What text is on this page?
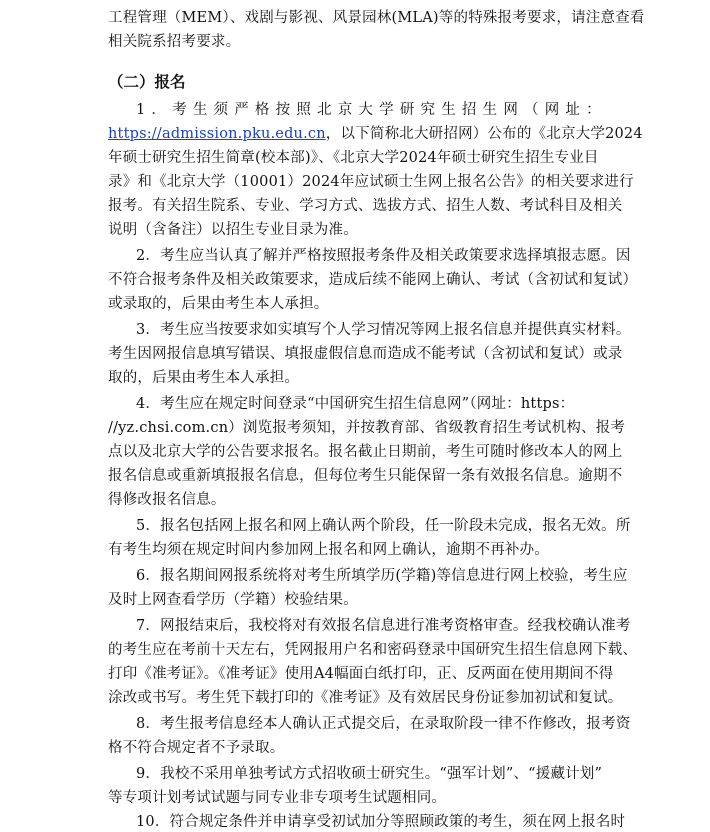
工程管理（MEM）、戏剧与影视、风景园林(MLA)等的特殊报考要求，请注意查看
相关院系招考要求。
（二）报名
1．考生须严格按照北京大学研究生招生网（网址：
https://admission.pku.edu.cn，以下简称北大研招网）公布的《北京大学2024
年硕士研究生招生简章(校本部)》、《北京大学2024年硕士研究生招生专业目
录》和《北京大学（10001）2024年应试硕士生网上报名公告》的相关要求进行
报考。有关招生院系、专业、学习方式、选拔方式、招生人数、考试科目及相关
说明（含备注）以招生专业目录为准。
2．考生应当认真了解并严格按照报考条件及相关政策要求选择填报志愿。因
不符合报考条件及相关政策要求，造成后续不能网上确认、考试（含初试和复试）
或录取的，后果由考生本人承担。
3．考生应当按要求如实填写个人学习情况等网上报名信息并提供真实材料。
考生因网报信息填写错误、填报虚假信息而造成不能考试（含初试和复试）或录
取的，后果由考生本人承担。
4．考生应在规定时间登录“中国研究生招生信息网”（网址：https：
//yz.chsi.com.cn）浏览报考须知，并按教育部、省级教育招生考试机构、报考
点以及北京大学的公告要求报名。报名截止日期前，考生可随时修改本人的网上
报名信息或重新填报报名信息，但每位考生只能保留一条有效报名信息。逾期不
得修改报名信息。
5．报名包括网上报名和网上确认两个阶段，任一阶段未完成，报名无效。所
有考生均须在规定时间内参加网上报名和网上确认，逾期不再补办。
6．报名期间网报系统将对考生所填学历(学籍)等信息进行网上校验，考生应
及时上网查看学历（学籍）校验结果。
7．网报结束后，我校将对有效报名信息进行准考资格审查。经我校确认准考
的考生应在考前十天左右，凭网报用户名和密码登录中国研究生招生信息网下载、
打印《准考证》。《准考证》使用A4幅面白纸打印，正、反两面在使用期间不得
涂改或书写。考生凭下载打印的《准考证》及有效居民身份证参加初试和复试。
8．考生报考信息经本人确认正式提交后，在录取阶段一律不作修改，报考资
格不符合规定者不予录取。
9．我校不采用单独考试方式招收硕士研究生。“强军计划”、“援藏计划”
等专项计划考试试题与同专业非专项考生试题相同。
10．符合规定条件并申请享受初试加分等照顾政策的考生，须在网上报名时
